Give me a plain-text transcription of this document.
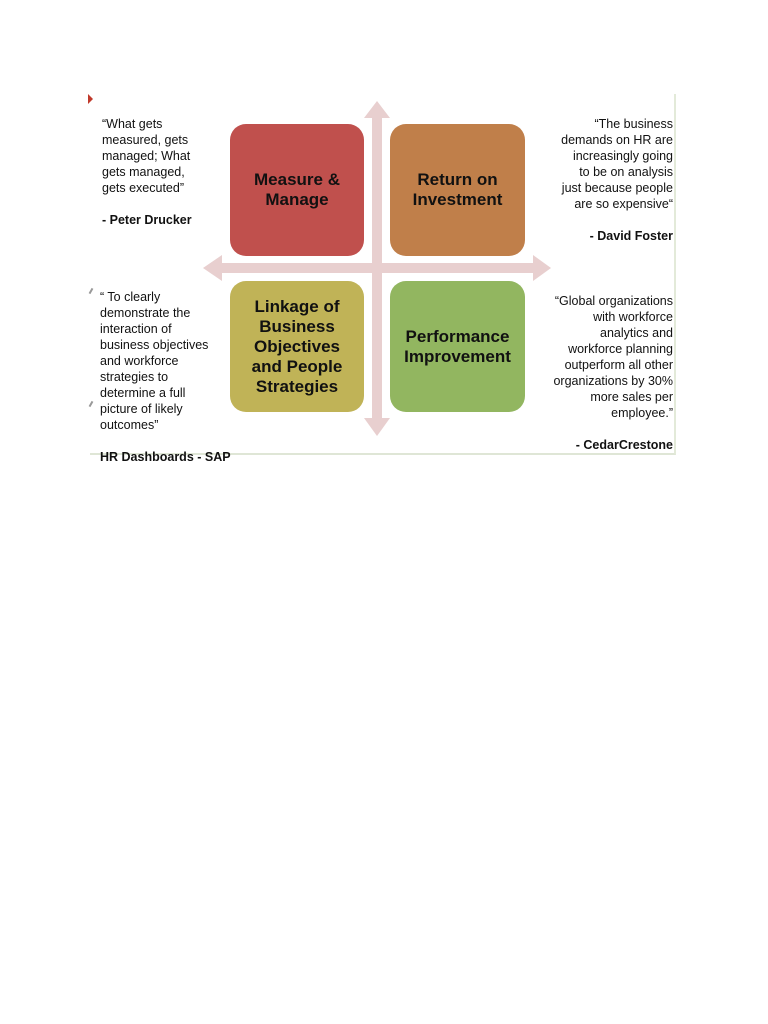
Measure &
Manage
Return on
Investment
Linkage of
Business
Objectives
and People
Strategies
Performance
Improvement

“What gets
measured, gets
managed; What
gets managed,
gets executed”

- Peter Drucker

“The business
demands on HR are
increasingly going
to be on analysis
just because people
are so expensive“

- David Foster

“ To clearly
demonstrate the
interaction of
business objectives
and workforce
strategies to
determine a full
picture of likely
outcomes”

HR Dashboards - SAP

“Global organizations
with workforce
analytics and
workforce planning
outperform all other
organizations by 30%
more sales per
employee.”

- CedarCrestone
